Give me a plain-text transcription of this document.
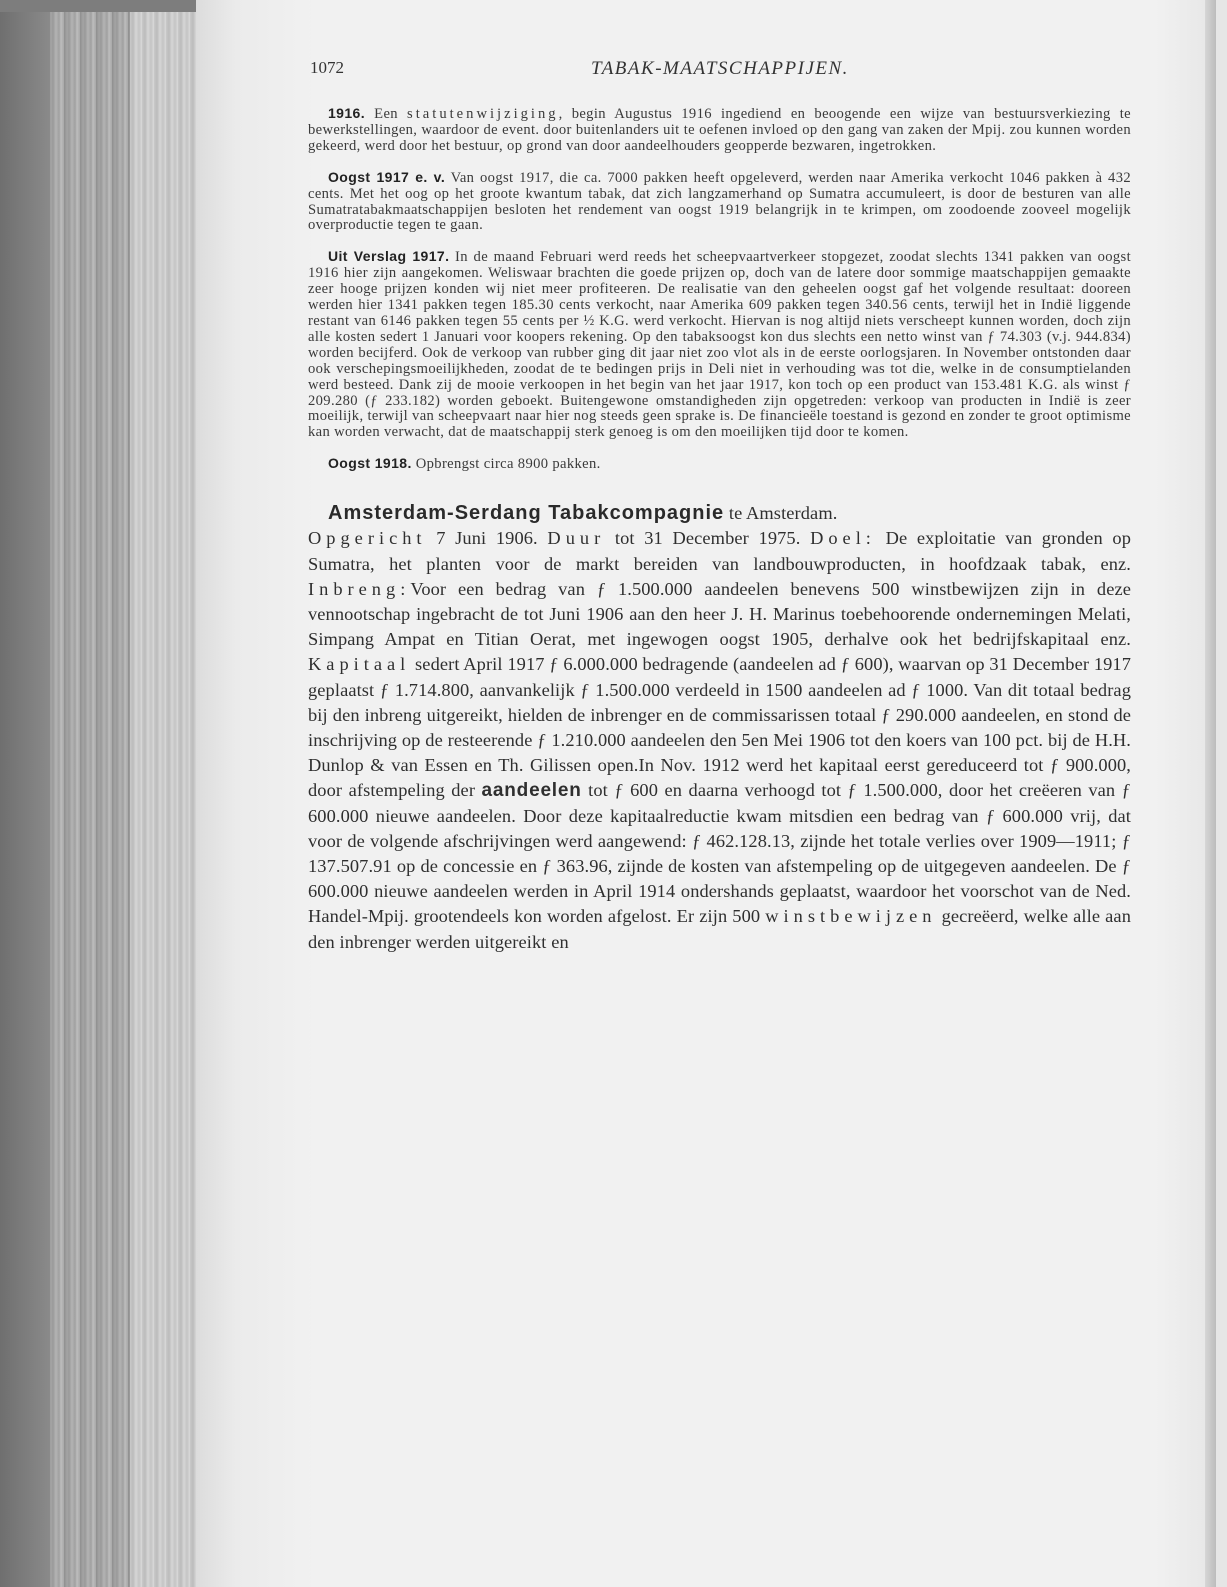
1072	TABAK-MAATSCHAPPIJEN.

1916. Een statutenwijziging, begin Augustus 1916 ingediend en beoogende een wijze van bestuursverkiezing te bewerkstellingen, waardoor de event. door buitenlanders uit te oefenen invloed op den gang van zaken der Mpij. zou kunnen worden gekeerd, werd door het bestuur, op grond van door aandeelhouders geopperde bezwaren, ingetrokken.

Oogst 1917 e. v. Van oogst 1917, die ca. 7000 pakken heeft opgeleverd, werden naar Amerika verkocht 1046 pakken à 432 cents. Met het oog op het groote kwantum tabak, dat zich langzamerhand op Sumatra accumuleert, is door de besturen van alle Sumatratabakmaatschappijen besloten het rendement van oogst 1919 belangrijk in te krimpen, om zoodoende zooveel mogelijk overproductie tegen te gaan.

Uit Verslag 1917. In de maand Februari werd reeds het scheepvaartverkeer stopgezet, zoodat slechts 1341 pakken van oogst 1916 hier zijn aangekomen. Weliswaar brachten die goede prijzen op, doch van de latere door sommige maatschappijen gemaakte zeer hooge prijzen konden wij niet meer profiteeren. De realisatie van den geheelen oogst gaf het volgende resultaat: dooreen werden hier 1341 pakken tegen 185.30 cents verkocht, naar Amerika 609 pakken tegen 340.56 cents, terwijl het in Indië liggende restant van 6146 pakken tegen 55 cents per ½ K.G. werd verkocht. Hiervan is nog altijd niets verscheept kunnen worden, doch zijn alle kosten sedert 1 Januari voor koopers rekening. Op den tabaksoogst kon dus slechts een netto winst van ƒ 74.303 (v.j. 944.834) worden becijferd. Ook de verkoop van rubber ging dit jaar niet zoo vlot als in de eerste oorlogsjaren. In November ontstonden daar ook verschepingsmoeilijkheden, zoodat de te bedingen prijs in Deli niet in verhouding was tot die, welke in de consumptielanden werd besteed. Dank zij de mooie verkoopen in het begin van het jaar 1917, kon toch op een product van 153.481 K.G. als winst ƒ 209.280 (ƒ 233.182) worden geboekt. Buitengewone omstandigheden zijn opgetreden: verkoop van producten in Indië is zeer moeilijk, terwijl van scheepvaart naar hier nog steeds geen sprake is. De financieële toestand is gezond en zonder te groot optimisme kan worden verwacht, dat de maatschappij sterk genoeg is om den moeilijken tijd door te komen.

Oogst 1918. Opbrengst circa 8900 pakken.

Amsterdam-Serdang Tabakcompagnie te Amsterdam.
Opgericht 7 Juni 1906. Duur tot 31 December 1975. Doel: De exploitatie van gronden op Sumatra, het planten voor de markt bereiden van landbouwproducten, in hoofdzaak tabak, enz. Inbreng:Voor een bedrag van ƒ 1.500.000 aandeelen benevens 500 winstbewijzen zijn in deze vennootschap ingebracht de tot Juni 1906 aan den heer J. H. Marinus toebehoorende ondernemingen Melati, Simpang Ampat en Titian Oerat, met ingewogen oogst 1905, derhalve ook het bedrijfskapitaal enz. Kapitaal sedert April 1917 ƒ 6.000.000 bedragende (aandeelen ad ƒ 600), waarvan op 31 December 1917 geplaatst ƒ 1.714.800, aanvankelijk ƒ 1.500.000 verdeeld in 1500 aandeelen ad ƒ 1000. Van dit totaal bedrag bij den inbreng uitgereikt, hielden de inbrenger en de commissarissen totaal ƒ 290.000 aandeelen, en stond de inschrijving op de resteerende ƒ 1.210.000 aandeelen den 5en Mei 1906 tot den koers van 100 pct. bij de H.H. Dunlop & van Essen en Th. Gilissen open.In Nov. 1912 werd het kapitaal eerst gereduceerd tot ƒ 900.000, door afstempeling der aandeelen tot ƒ 600 en daarna verhoogd tot ƒ 1.500.000, door het creëeren van ƒ 600.000 nieuwe aandeelen. Door deze kapitaalreductie kwam mitsdien een bedrag van ƒ 600.000 vrij, dat voor de volgende afschrijvingen werd aangewend: ƒ 462.128.13, zijnde het totale verlies over 1909—1911; ƒ 137.507.91 op de concessie en ƒ 363.96, zijnde de kosten van afstempeling op de uitgegeven aandeelen. De ƒ 600.000 nieuwe aandeelen werden in April 1914 ondershands geplaatst, waardoor het voorschot van de Ned. Handel-Mpij. grootendeels kon worden afgelost. Er zijn 500 winstbewijzen gecreëerd, welke alle aan den inbrenger werden uitgereikt en
